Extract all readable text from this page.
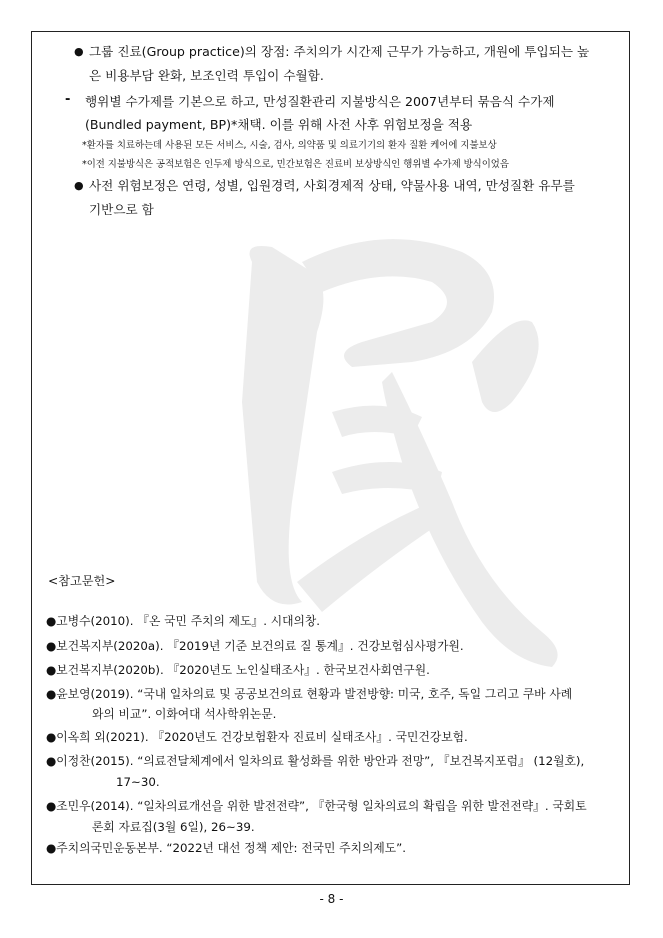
● 그룹 진료(Group practice)의 장점: 주치의가 시간제 근무가 가능하고, 개원에 투입되는 높
은 비용부담 완화, 보조인력 투입이 수월함.
- 행위별 수가제를 기본으로 하고, 만성질환관리 지불방식은 2007년부터 묶음식 수가제
(Bundled payment, BP)*채택. 이를 위해 사전 사후 위험보정을 적용
*환자를 치료하는데 사용된 모든 서비스, 시술, 검사, 의약품 및 의료기기의 환자 질환 케어에 지불보상
*이전 지불방식은 공적보험은 인두제 방식으로, 민간보험은 진료비 보상방식인 행위별 수가제 방식이었음
● 사전 위험보정은 연령, 성별, 입원경력, 사회경제적 상태, 약물사용 내역, 만성질환 유무를
기반으로 함
<참고문헌>
●고병수(2010). 『온 국민 주치의 제도』. 시대의창.
●보건복지부(2020a). 『2019년 기준 보건의료 질 통계』. 건강보험심사평가원.
●보건복지부(2020b). 『2020년도 노인실태조사』. 한국보건사회연구원.
●윤보영(2019). “국내 일차의료 및 공공보건의료 현황과 발전방향: 미국, 호주, 독일 그리고 쿠바 사례
와의 비교”. 이화여대 석사학위논문.
●이옥희 외(2021). 『2020년도 건강보험환자 진료비 실태조사』. 국민건강보험.
●이정찬(2015). “의료전달체계에서 일차의료 활성화를 위한 방안과 전망”, 『보건복지포럼』 (12월호),
17~30.
●조민우(2014). “일차의료개선을 위한 발전전략”, 『한국형 일차의료의 확립을 위한 발전전략』. 국회토
론회 자료집(3월 6일), 26~39.
●주치의국민운동본부. “2022년 대선 정책 제안: 전국민 주치의제도”.
- 8 -
